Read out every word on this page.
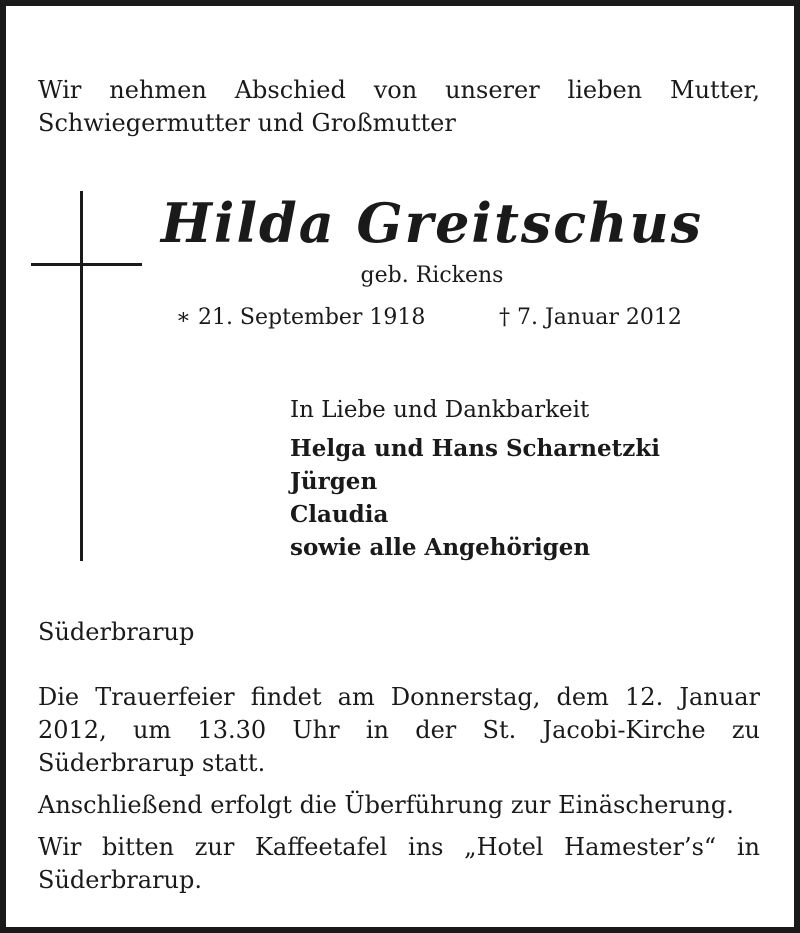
Wir nehmen Abschied von unserer lieben Mutter,
Schwiegermutter und Großmutter
Hilda Greitschus
geb. Rickens
∗ 21. September 1918	† 7. Januar 2012
In Liebe und Dankbarkeit
Helga und Hans Scharnetzki
Jürgen
Claudia
sowie alle Angehörigen
Süderbrarup

Die Trauerfeier findet am Donnerstag, dem 12. Januar 2012, um 13.30 Uhr in der St. Jacobi-Kirche zu Süderbrarup statt.

Anschließend erfolgt die Überführung zur Einäscherung.

Wir bitten zur Kaffeetafel ins „Hotel Hamester’s“ in Süderbrarup.
